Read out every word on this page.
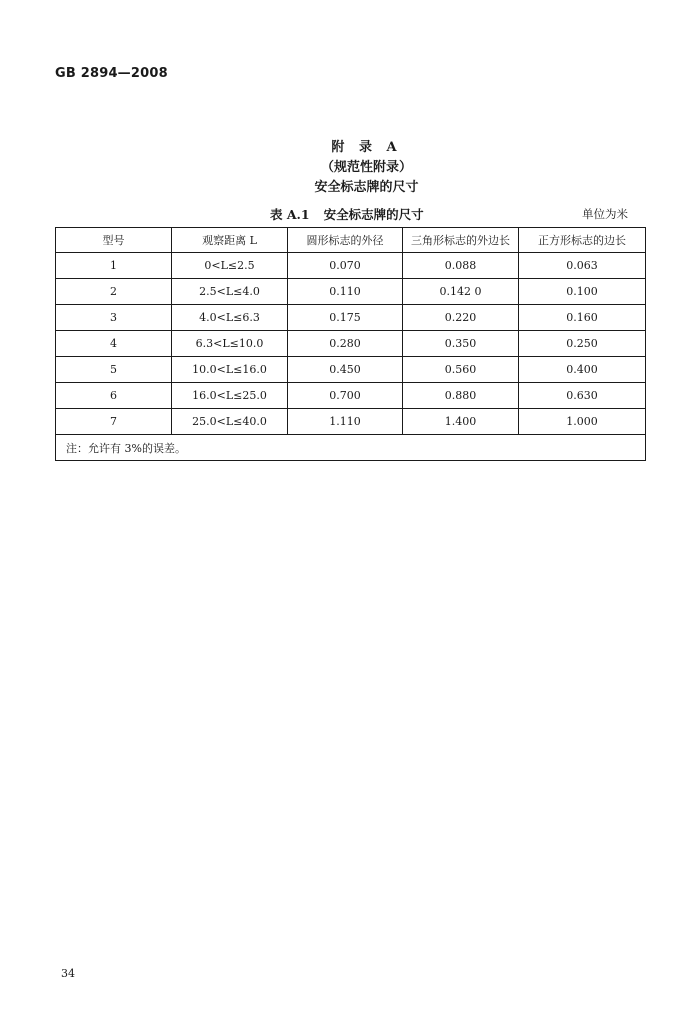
GB 2894—2008
附 录 A
（规范性附录）
安全标志牌的尺寸
表 A.1 安全标志牌的尺寸	单位为米
型号	观察距离 L	圆形标志的外径	三角形标志的外边长	正方形标志的边长
1	0<L≤2.5	0.070	0.088	0.063
2	2.5<L≤4.0	0.110	0.142 0	0.100
3	4.0<L≤6.3	0.175	0.220	0.160
4	6.3<L≤10.0	0.280	0.350	0.250
5	10.0<L≤16.0	0.450	0.560	0.400
6	16.0<L≤25.0	0.700	0.880	0.630
7	25.0<L≤40.0	1.110	1.400	1.000
注：允许有 3%的误差。				
34
